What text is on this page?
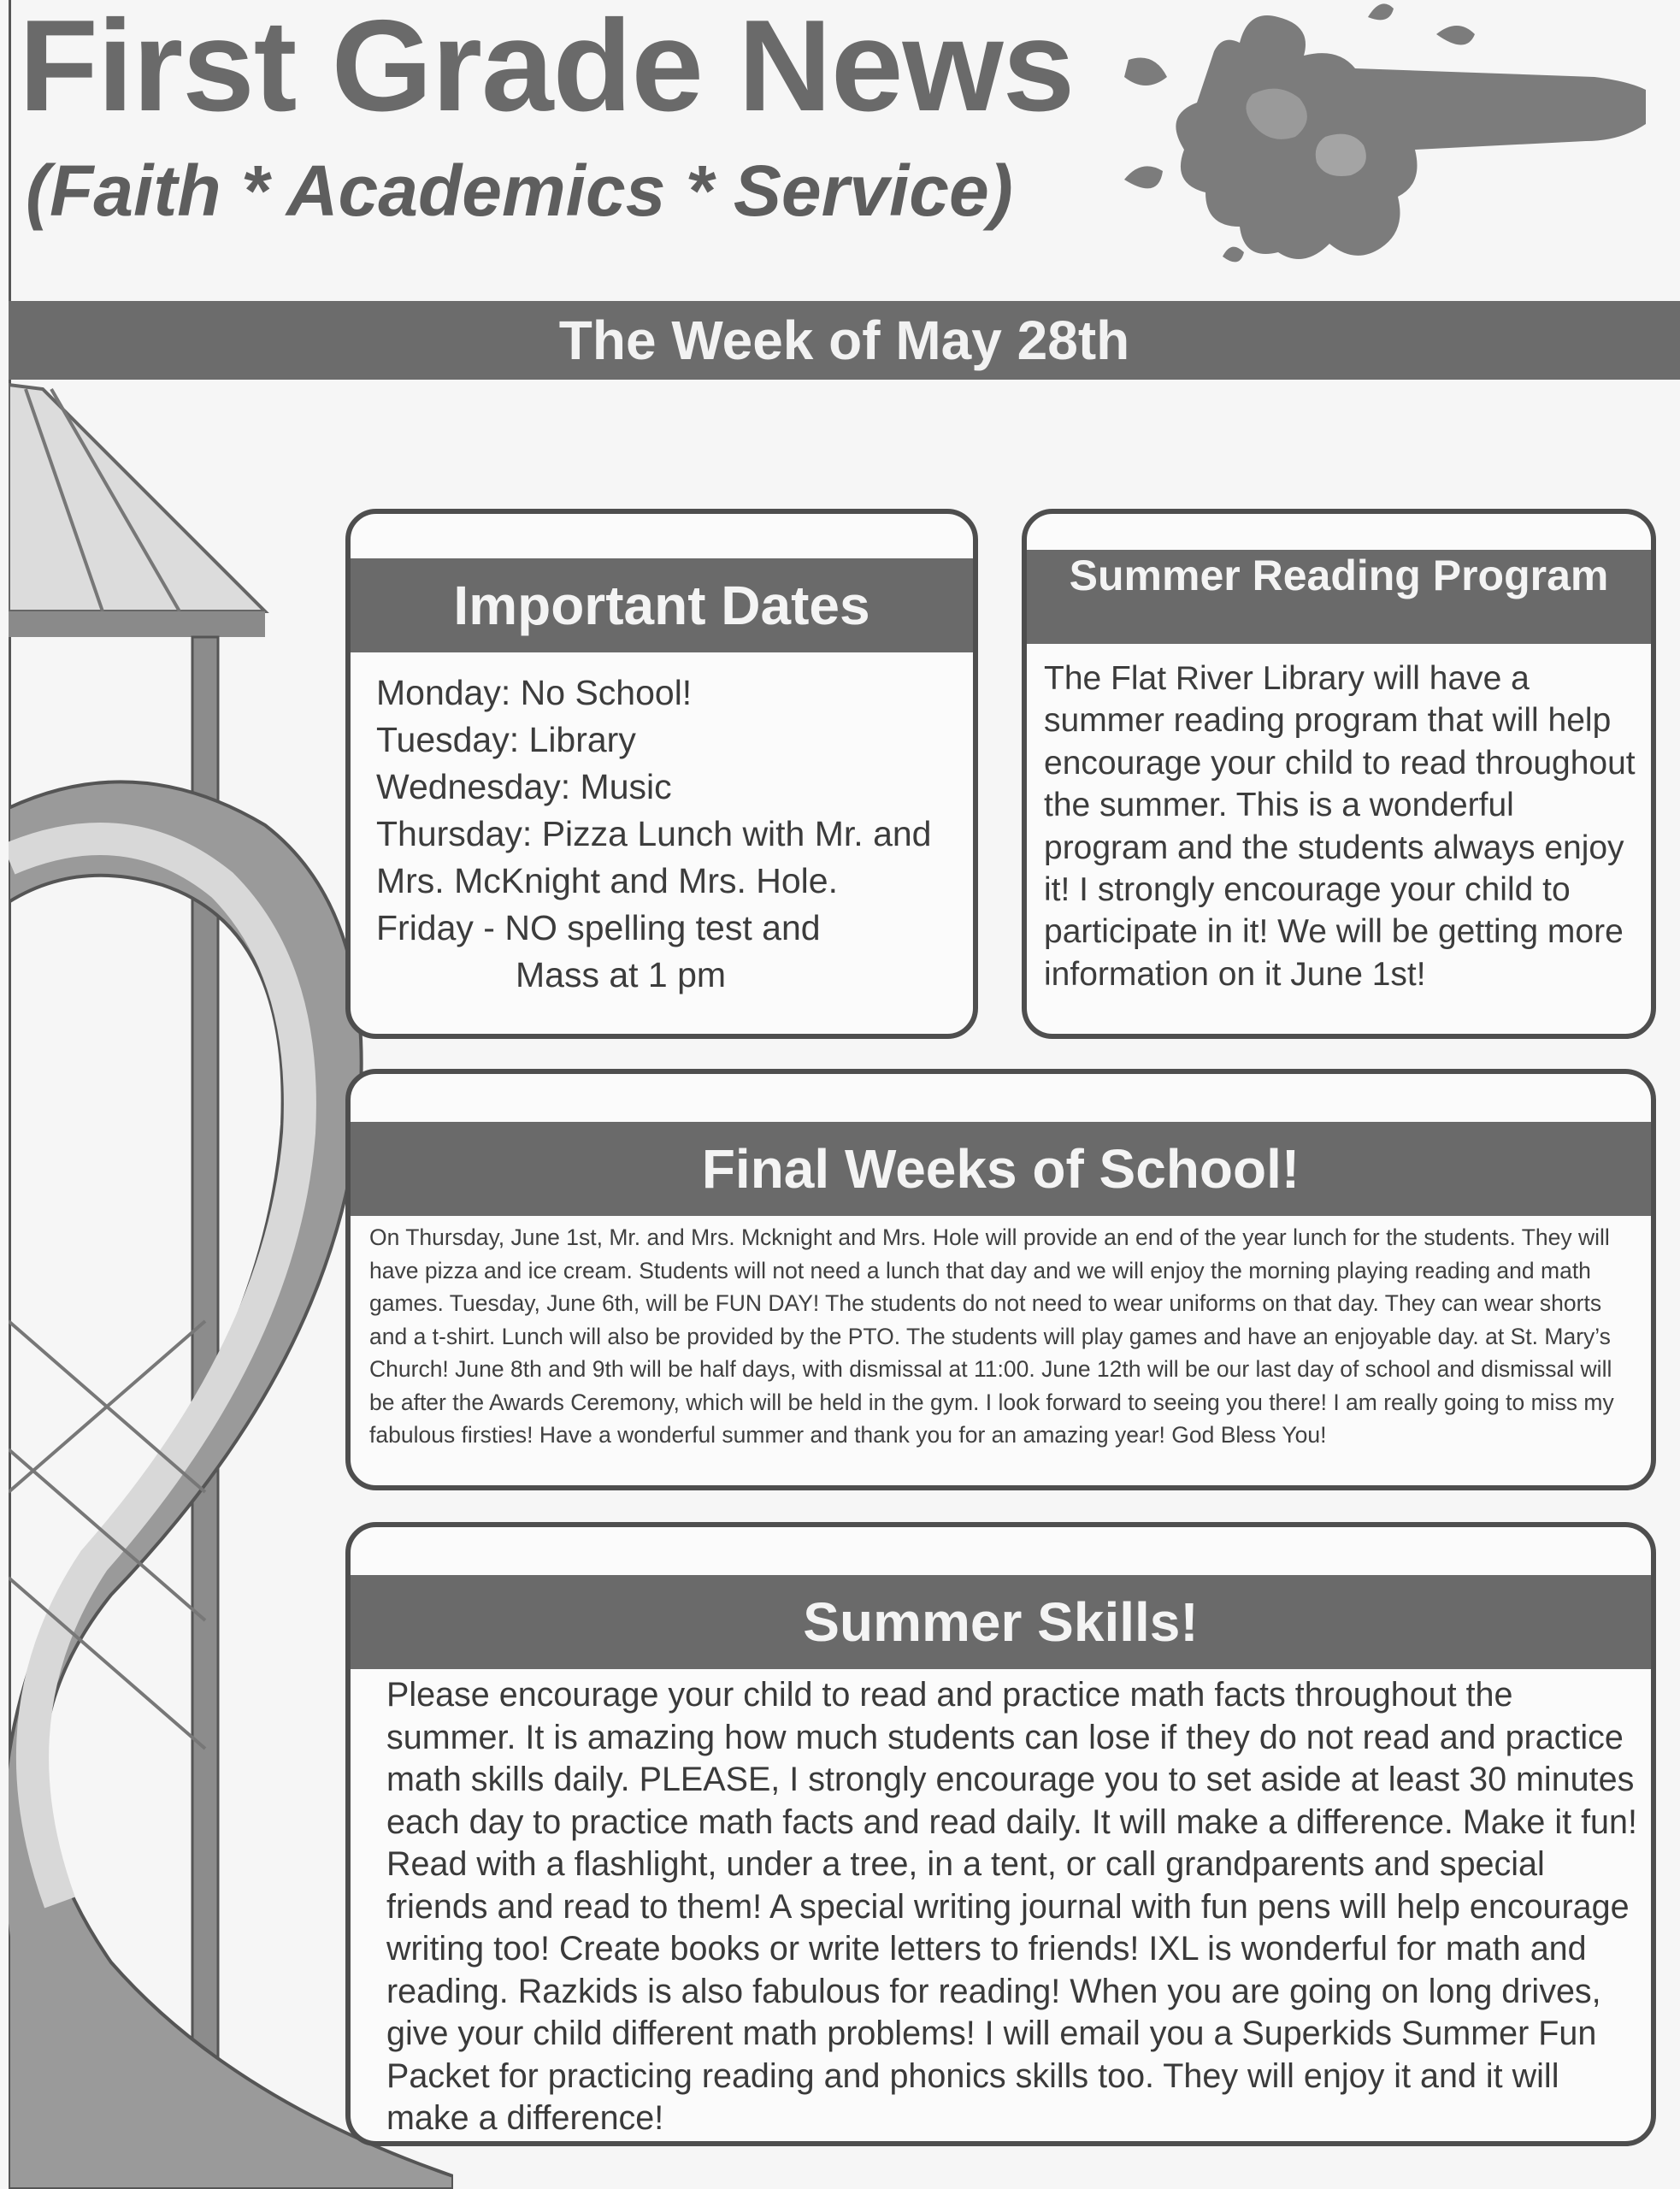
First Grade News
(Faith * Academics * Service)
The Week of May 28th
Important Dates
Monday: No School!
Tuesday: Library
Wednesday: Music
Thursday: Pizza Lunch with Mr. and
Mrs. McKnight and Mrs. Hole.
Friday - NO spelling test and
Mass at 1 pm
Summer Reading Program
The Flat River Library will have a summer reading program that will help encourage your child to read throughout the summer. This is a wonderful program and the students always enjoy it! I strongly encourage your child to participate in it! We will be getting more information on it June 1st!
Final Weeks of School!
On Thursday, June 1st, Mr. and Mrs. Mcknight and Mrs. Hole will provide an end of the year lunch for the students. They will have pizza and ice cream. Students will not need a lunch that day and we will enjoy the morning playing reading and math games. Tuesday, June 6th, will be FUN DAY! The students do not need to wear uniforms on that day. They can wear shorts and a t-shirt. Lunch will also be provided by the PTO. The students will play games and have an enjoyable day. at St. Mary’s Church! June 8th and 9th will be half days, with dismissal at 11:00. June 12th will be our last day of school and dismissal will be after the Awards Ceremony, which will be held in the gym. I look forward to seeing you there! I am really going to miss my fabulous firsties! Have a wonderful summer and thank you for an amazing year! God Bless You!
Summer Skills!
Please encourage your child to read and practice math facts throughout the summer. It is amazing how much students can lose if they do not read and practice math skills daily. PLEASE, I strongly encourage you to set aside at least 30 minutes each day to practice math facts and read daily. It will make a difference. Make it fun! Read with a flashlight, under a tree, in a tent, or call grandparents and special friends and read to them! A special writing journal with fun pens will help encourage writing too! Create books or write letters to friends! IXL is wonderful for math and reading. Razkids is also fabulous for reading! When you are going on long drives, give your child different math problems! I will email you a Superkids Summer Fun Packet for practicing reading and phonics skills too. They will enjoy it and it will make a difference!
